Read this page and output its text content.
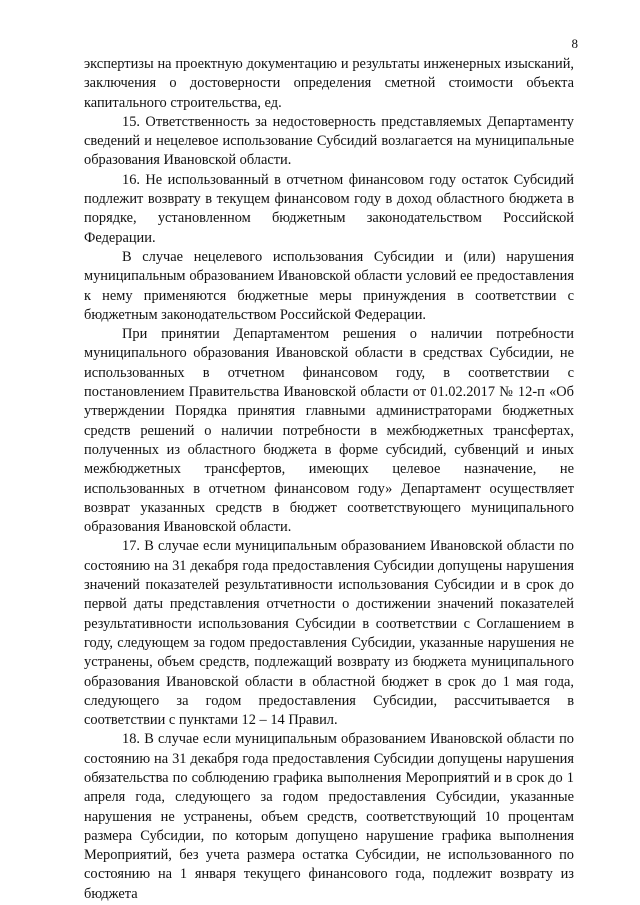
8

экспертизы на проектную документацию и результаты инженерных изысканий, заключения о достоверности определения сметной стоимости объекта капитального строительства, ед.

15. Ответственность за недостоверность представляемых Департаменту сведений и нецелевое использование Субсидий возлагается на муниципальные образования Ивановской области.

16. Не использованный в отчетном финансовом году остаток Субсидий подлежит возврату в текущем финансовом году в доход областного бюджета в порядке, установленном бюджетным законодательством Российской Федерации.

В случае нецелевого использования Субсидии и (или) нарушения муниципальным образованием Ивановской области условий ее предоставления к нему применяются бюджетные меры принуждения в соответствии с бюджетным законодательством Российской Федерации.

При принятии Департаментом решения о наличии потребности муниципального образования Ивановской области в средствах Субсидии, не использованных в отчетном финансовом году, в соответствии с постановлением Правительства Ивановской области от 01.02.2017 № 12-п «Об утверждении Порядка принятия главными администраторами бюджетных средств решений о наличии потребности в межбюджетных трансфертах, полученных из областного бюджета в форме субсидий, субвенций и иных межбюджетных трансфертов, имеющих целевое назначение, не использованных в отчетном финансовом году» Департамент осуществляет возврат указанных средств в бюджет соответствующего муниципального образования Ивановской области.

17. В случае если муниципальным образованием Ивановской области по состоянию на 31 декабря года предоставления Субсидии допущены нарушения значений показателей результативности использования Субсидии и в срок до первой даты представления отчетности о достижении значений показателей результативности использования Субсидии в соответствии с Соглашением в году, следующем за годом предоставления Субсидии, указанные нарушения не устранены, объем средств, подлежащий возврату из бюджета муниципального образования Ивановской области в областной бюджет в срок до 1 мая года, следующего за годом предоставления Субсидии, рассчитывается в соответствии с пунктами 12 – 14 Правил.

18. В случае если муниципальным образованием Ивановской области по состоянию на 31 декабря года предоставления Субсидии допущены нарушения обязательства по соблюдению графика выполнения Мероприятий и в срок до 1 апреля года, следующего за годом предоставления Субсидии, указанные нарушения не устранены, объем средств, соответствующий 10 процентам размера Субсидии, по которым допущено нарушение графика выполнения Мероприятий, без учета размера остатка Субсидии, не использованного по состоянию на 1 января текущего финансового года, подлежит возврату из бюджета
